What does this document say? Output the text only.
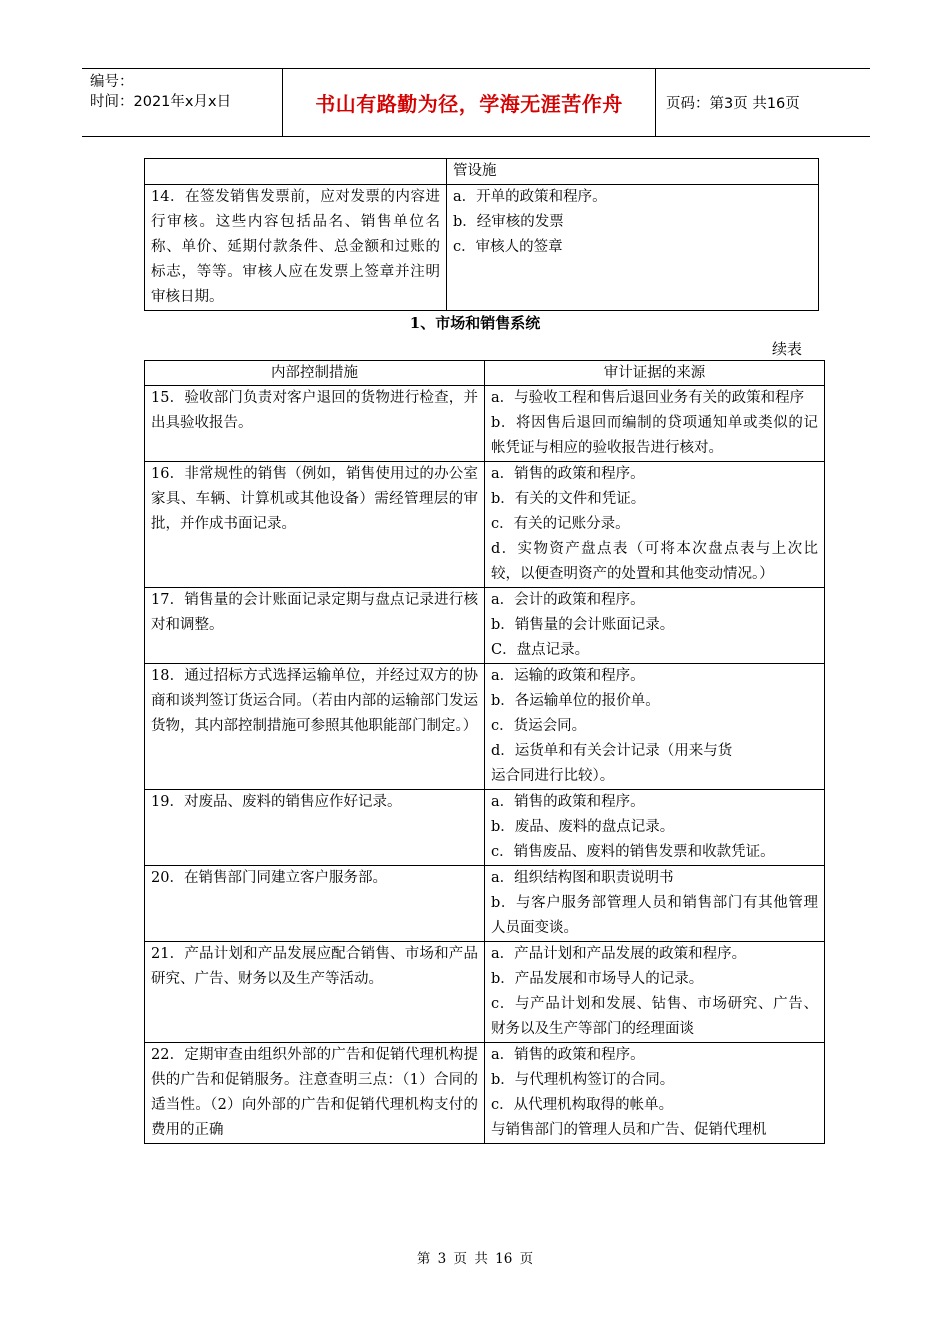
编号：
时间：2021年x月x日	书山有路勤为径，学海无涯苦作舟	页码：第3页 共16页
	管设施
14．在签发销售发票前，应对发票的内容进行审核。这些内容包括品名、销售单位名称、单价、延期付款条件、总金额和过账的标志，等等。审核人应在发票上签章并注明审核日期。	a．开单的政策和程序。
b．经审核的发票
c．审核人的签章
1、市场和销售系统
续表
内部控制措施	审计证据的来源
15．验收部门负责对客户退回的货物进行检查，并出具验收报告。	a．与验收工程和售后退回业务有关的政策和程序
b．将因售后退回而编制的贷项通知单或类似的记帐凭证与相应的验收报告进行核对。

16．非常规性的销售（例如，销售使用过的办公室家具、车辆、计算机或其他设备）需经管理层的审批，并作成书面记录。	a．销售的政策和程序。
b．有关的文件和凭证。
c．有关的记账分录。
d．实物资产盘点表（可将本次盘点表与上次比较，以便查明资产的处置和其他变动情况。）

17．销售量的会计账面记录定期与盘点记录进行核对和调整。	a．会计的政策和程序。
b．销售量的会计账面记录。
C．盘点记录。

18．通过招标方式选择运输单位，并经过双方的协商和谈判签订货运合同。（若由内部的运输部门发运货物，其内部控制措施可参照其他职能部门制定。）	a．运输的政策和程序。
b．各运输单位的报价单。
c．货运会同。
d．运货单和有关会计记录（用来与货
运合同进行比较）。

19．对废品、废料的销售应作好记录。	a．销售的政策和程序。
b．废品、废料的盘点记录。
c．销售废品、废料的销售发票和收款凭证。

20．在销售部门同建立客户服务部。	a．组织结构图和职责说明书
b．与客户服务部管理人员和销售部门有其他管理人员面变谈。

21．产品计划和产品发展应配合销售、市场和产品研究、广告、财务以及生产等活动。	a．产品计划和产品发展的政策和程序。
b．产品发展和市场导人的记录。
c．与产品计划和发展、钻售、市场研究、广告、财务以及生产等部门的经理面谈

22．定期审查由组织外部的广告和促销代理机构提供的广告和促销服务。注意查明三点：（1）合同的适当性。（2）向外部的广告和促销代理机构支付的费用的正确	a．销售的政策和程序。
b．与代理机构签订的合同。
c．从代理机构取得的帐单。
与销售部门的管理人员和广告、促销代理机
第 3 页 共 16 页
